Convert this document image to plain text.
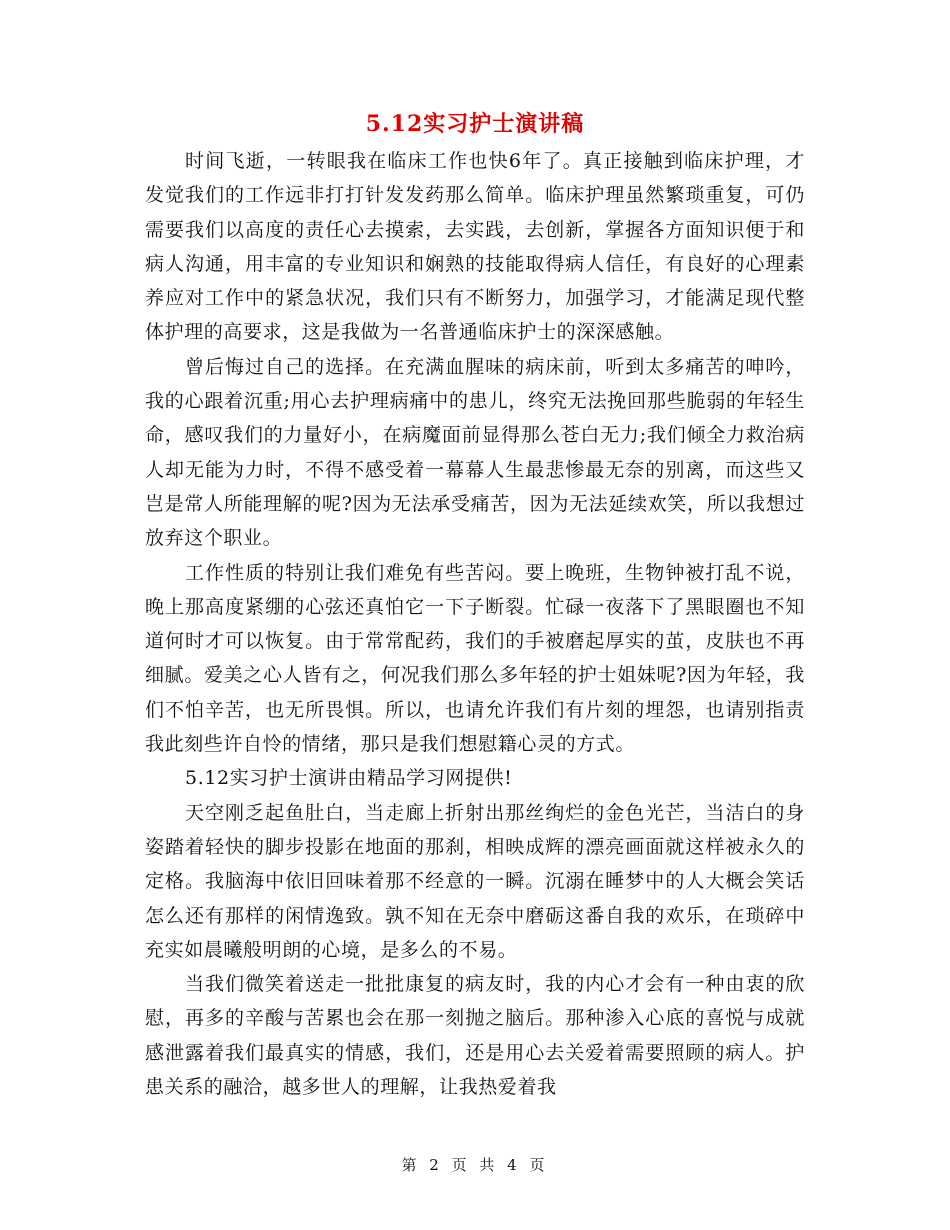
5.12实习护士演讲稿

时间飞逝，一转眼我在临床工作也快6年了。真正接触到临床护理，才发觉我们的工作远非打打针发发药那么简单。临床护理虽然繁琐重复，可仍需要我们以高度的责任心去摸索，去实践，去创新，掌握各方面知识便于和病人沟通，用丰富的专业知识和娴熟的技能取得病人信任，有良好的心理素养应对工作中的紧急状况，我们只有不断努力，加强学习，才能满足现代整体护理的高要求，这是我做为一名普通临床护士的深深感触。

曾后悔过自己的选择。在充满血腥味的病床前，听到太多痛苦的呻吟，我的心跟着沉重;用心去护理病痛中的患儿，终究无法挽回那些脆弱的年轻生命，感叹我们的力量好小，在病魔面前显得那么苍白无力;我们倾全力救治病人却无能为力时，不得不感受着一幕幕人生最悲惨最无奈的别离，而这些又岂是常人所能理解的呢?因为无法承受痛苦，因为无法延续欢笑，所以我想过放弃这个职业。

工作性质的特别让我们难免有些苦闷。要上晚班，生物钟被打乱不说，晚上那高度紧绷的心弦还真怕它一下子断裂。忙碌一夜落下了黑眼圈也不知道何时才可以恢复。由于常常配药，我们的手被磨起厚实的茧，皮肤也不再细腻。爱美之心人皆有之，何况我们那么多年轻的护士姐妹呢?因为年轻，我们不怕辛苦，也无所畏惧。所以，也请允许我们有片刻的埋怨，也请别指责我此刻些许自怜的情绪，那只是我们想慰籍心灵的方式。

5.12实习护士演讲由精品学习网提供!

天空刚乏起鱼肚白，当走廊上折射出那丝绚烂的金色光芒，当洁白的身姿踏着轻快的脚步投影在地面的那刹，相映成辉的漂亮画面就这样被永久的定格。我脑海中依旧回味着那不经意的一瞬。沉溺在睡梦中的人大概会笑话怎么还有那样的闲情逸致。孰不知在无奈中磨砺这番自我的欢乐，在琐碎中充实如晨曦般明朗的心境，是多么的不易。

当我们微笑着送走一批批康复的病友时，我的内心才会有一种由衷的欣慰，再多的辛酸与苦累也会在那一刻抛之脑后。那种渗入心底的喜悦与成就感泄露着我们最真实的情感，我们，还是用心去关爱着需要照顾的病人。护患关系的融洽，越多世人的理解，让我热爱着我

第 2 页 共 4 页
